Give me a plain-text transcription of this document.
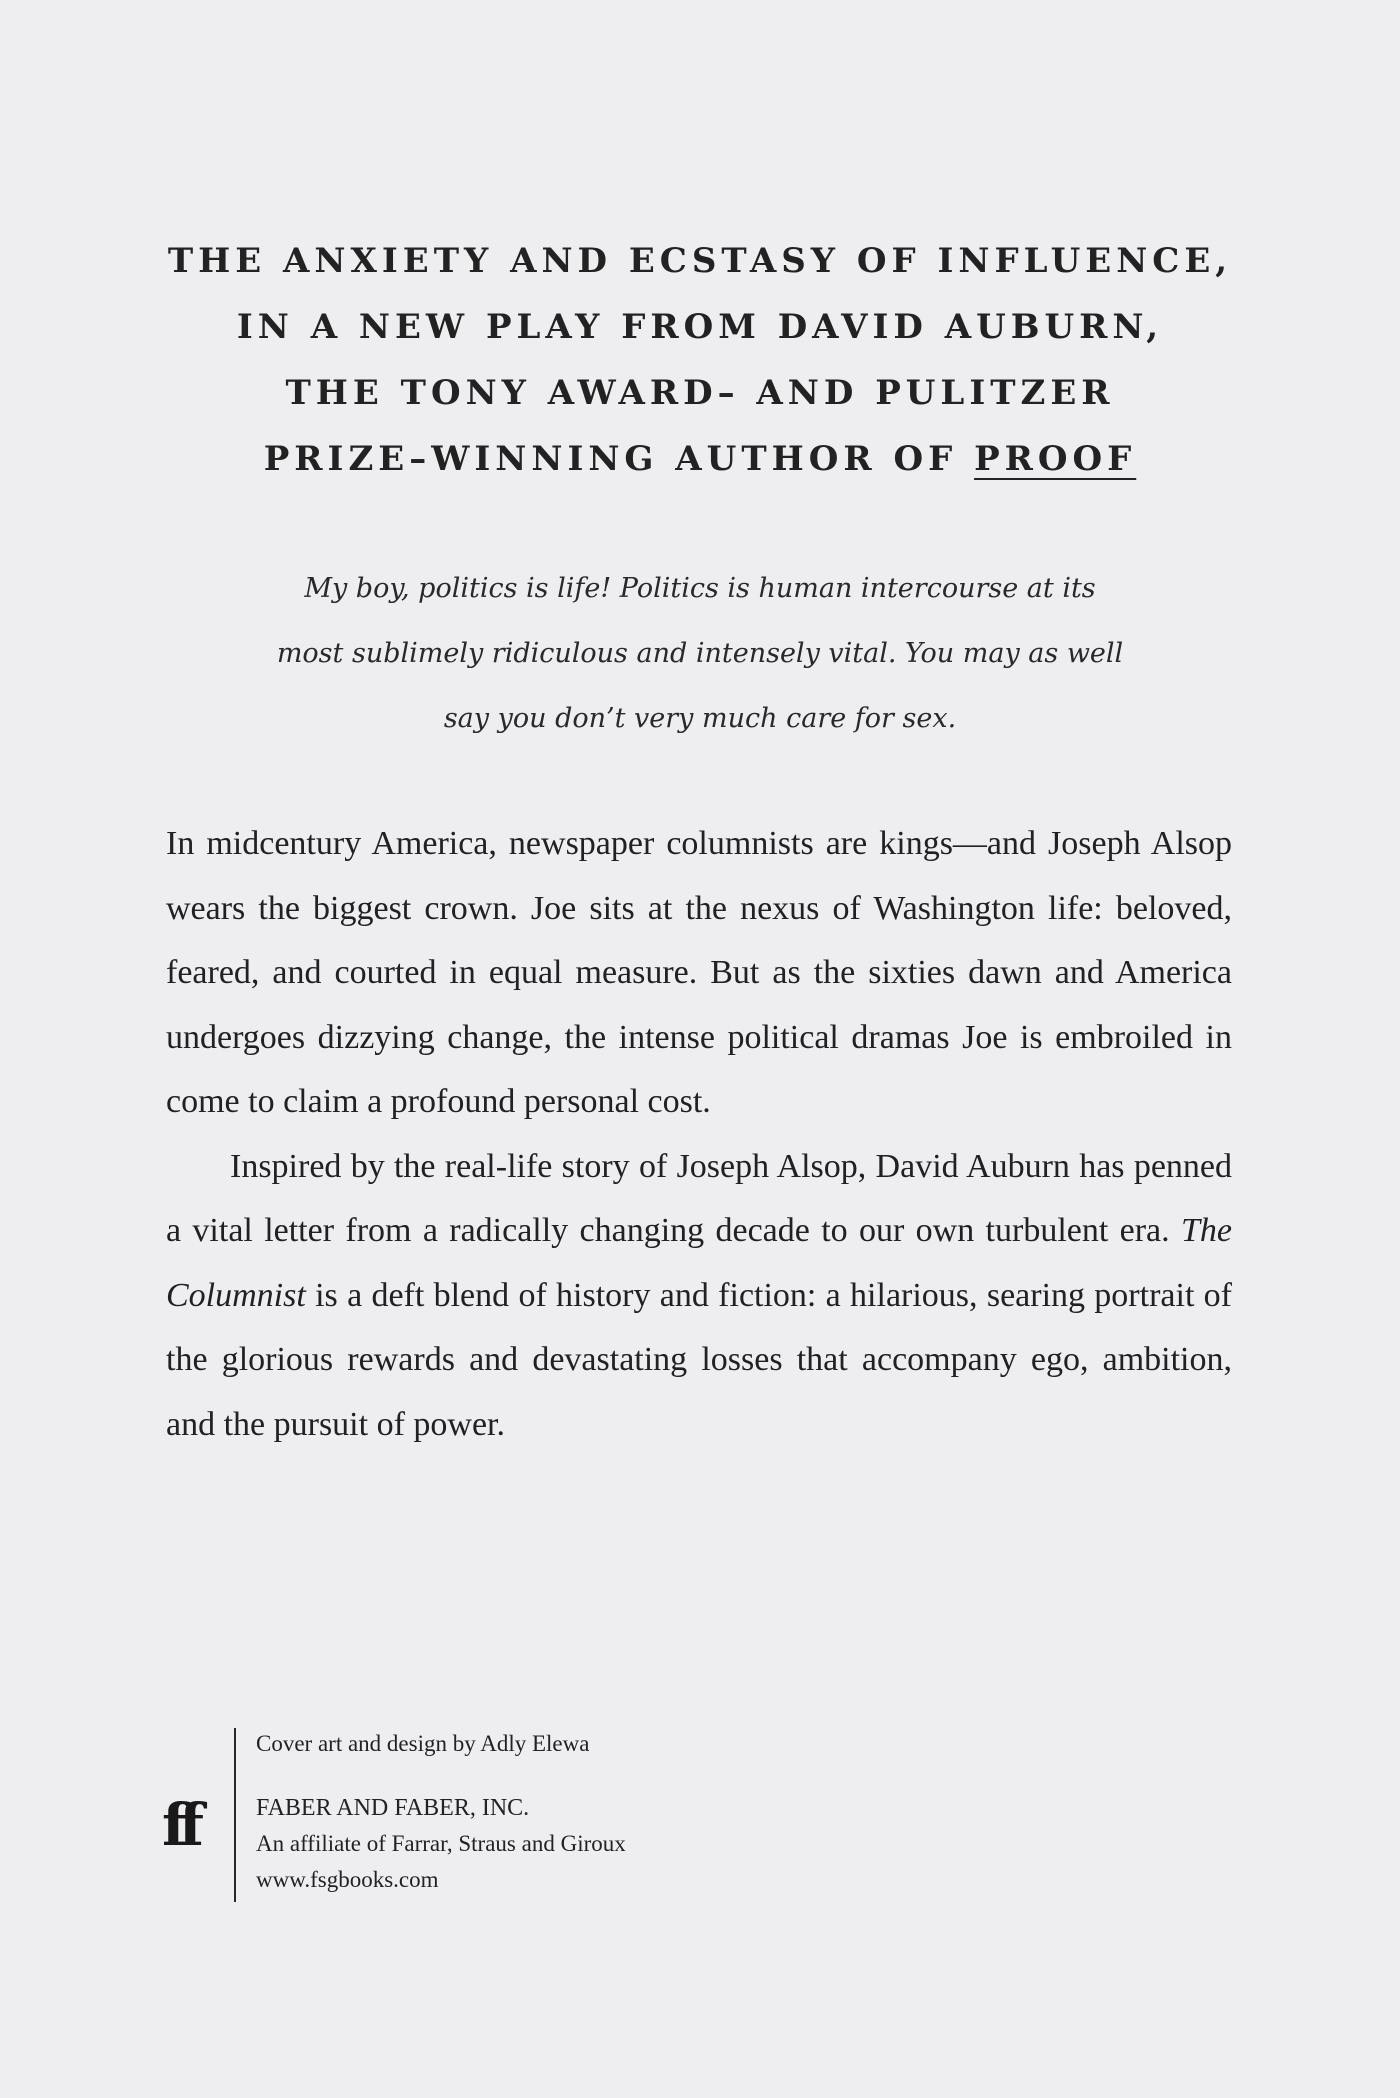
THE ANXIETY AND ECSTASY OF INFLUENCE,
IN A NEW PLAY FROM DAVID AUBURN,
THE TONY AWARD– AND PULITZER
PRIZE–WINNING AUTHOR OF PROOF
My boy, politics is life! Politics is human intercourse at its
most sublimely ridiculous and intensely vital. You may as well
say you don’t very much care for sex.

In midcentury America, newspaper columnists are kings—and Joseph Alsop wears the biggest crown. Joe sits at the nexus of Washington life: beloved, feared, and courted in equal measure. But as the sixties dawn and America undergoes dizzying change, the intense political dramas Joe is embroiled in come to claim a profound personal cost.

Inspired by the real-life story of Joseph Alsop, David Auburn has penned a vital letter from a radically changing decade to our own turbulent era. The Columnist is a deft blend of history and fiction: a hilarious, searing portrait of the glorious rewards and devastating losses that accompany ego, ambition, and the pursuit of power.

ff
Cover art and design by Adly Elewa
FABER AND FABER, INC.
An affiliate of Farrar, Straus and Giroux
www.fsgbooks.com
